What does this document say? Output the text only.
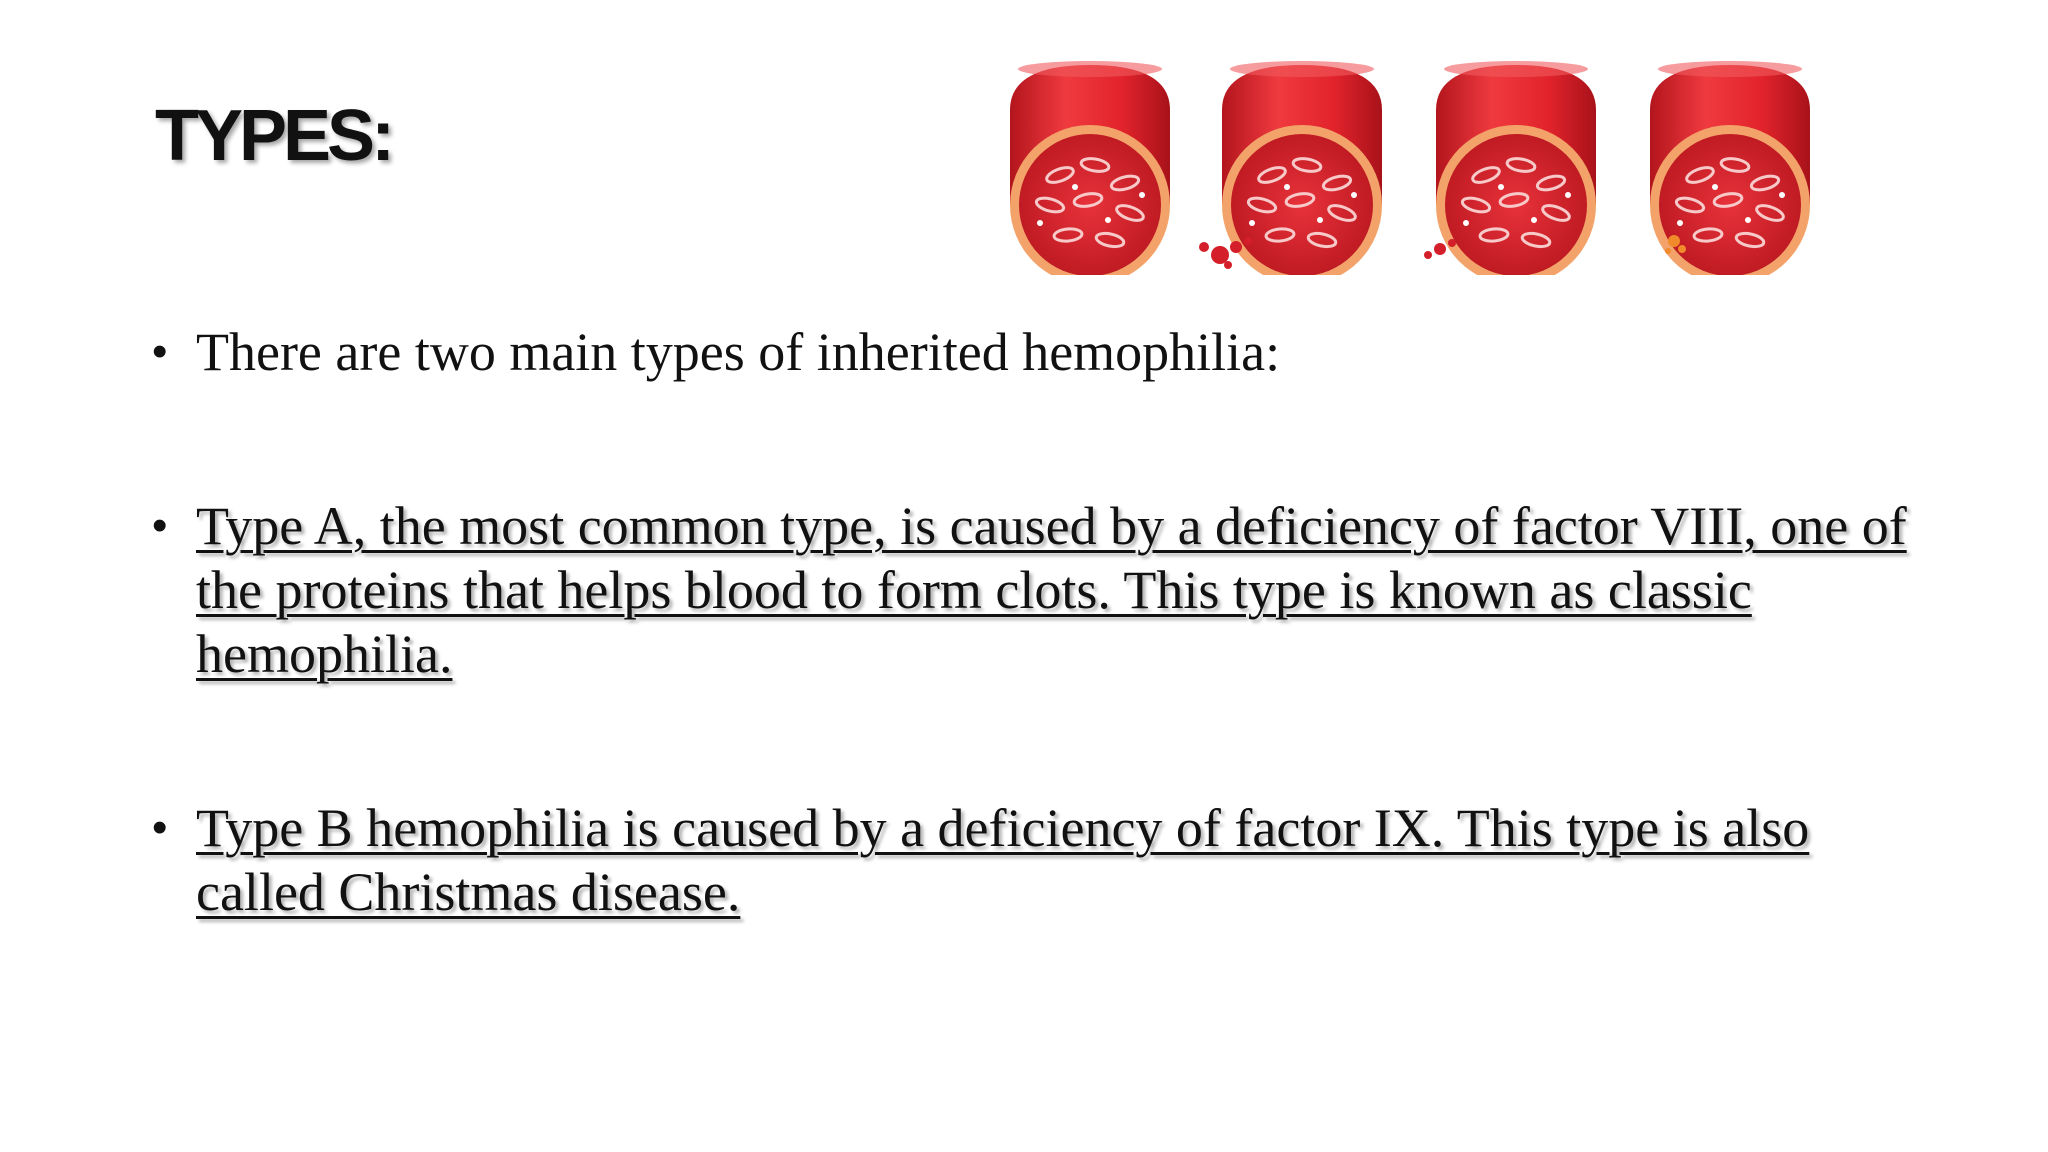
TYPES:
• There are two main types of inherited hemophilia:
• Type A, the most common type, is caused by a deficiency of factor VIII, one of the proteins that helps blood to form clots. This type is known as classic hemophilia.
• Type B hemophilia is caused by a deficiency of factor IX. This type is also called Christmas disease.
